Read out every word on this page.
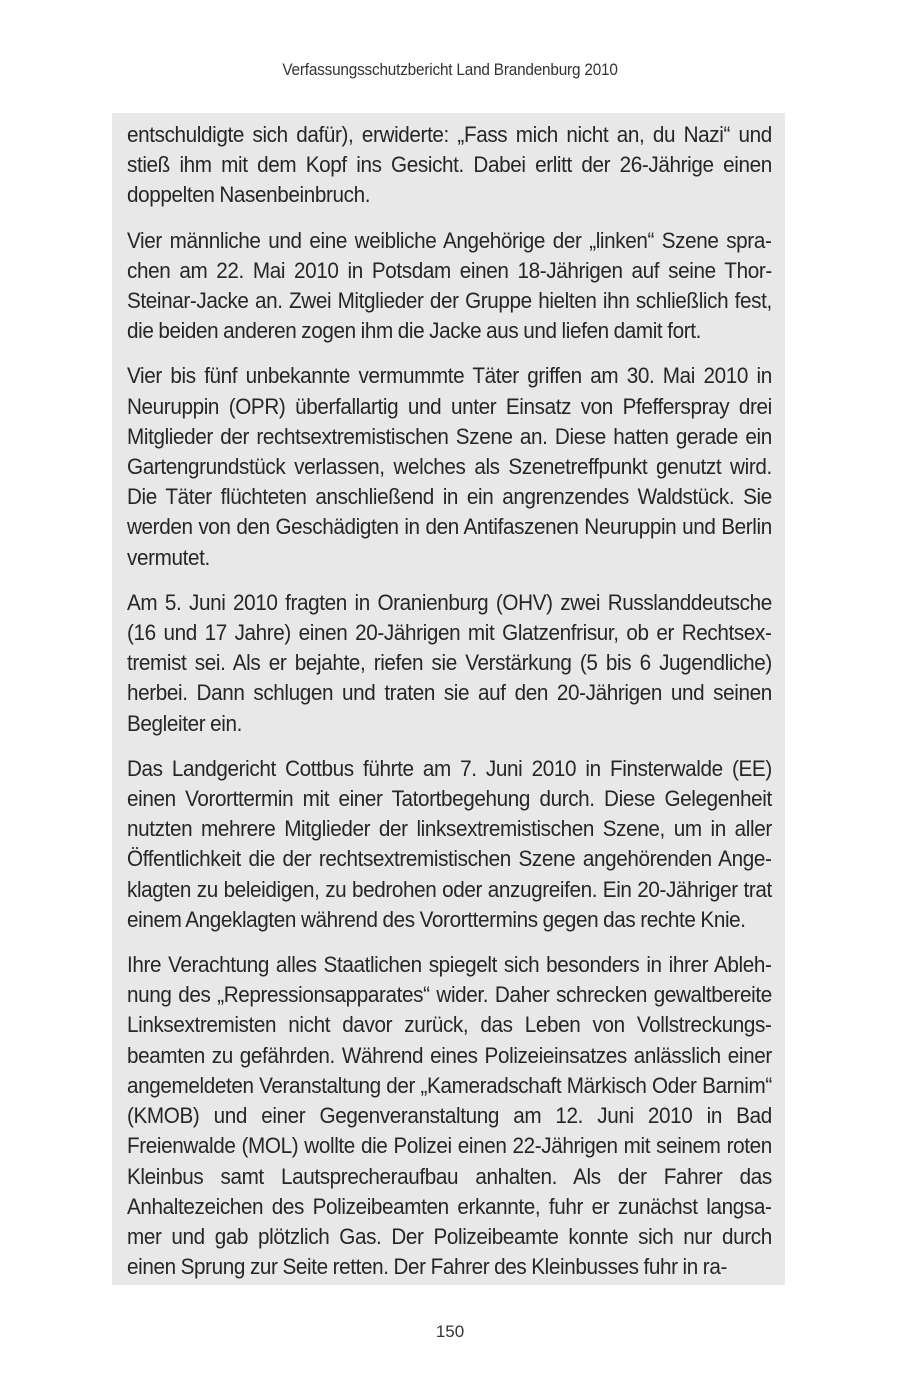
Verfassungsschutzbericht Land Brandenburg 2010

entschuldigte sich dafür), erwiderte: „Fass mich nicht an, du Nazi“ und stieß ihm mit dem Kopf ins Gesicht. Dabei erlitt der 26-Jährige einen doppelten Nasenbeinbruch.

Vier männliche und eine weibliche Angehörige der „linken“ Szene sprachen am 22. Mai 2010 in Potsdam einen 18-Jährigen auf seine Thor-Steinar-Jacke an. Zwei Mitglieder der Gruppe hielten ihn schließlich fest, die beiden anderen zogen ihm die Jacke aus und liefen damit fort.

Vier bis fünf unbekannte vermummte Täter griffen am 30. Mai 2010 in Neuruppin (OPR) überfallartig und unter Einsatz von Pfefferspray drei Mitglieder der rechtsextremistischen Szene an. Diese hatten gerade ein Gartengrundstück verlassen, welches als Szenetreffpunkt genutzt wird. Die Täter flüchteten anschließend in ein angrenzendes Waldstück. Sie werden von den Geschädigten in den Antifaszenen Neuruppin und Berlin vermutet.

Am 5. Juni 2010 fragten in Oranienburg (OHV) zwei Russlanddeutsche (16 und 17 Jahre) einen 20-Jährigen mit Glatzenfrisur, ob er Rechtsextremist sei. Als er bejahte, riefen sie Verstärkung (5 bis 6 Jugendliche) herbei. Dann schlugen und traten sie auf den 20-Jährigen und seinen Begleiter ein.

Das Landgericht Cottbus führte am 7. Juni 2010 in Finsterwalde (EE) einen Vororttermin mit einer Tatortbegehung durch. Diese Gelegenheit nutzten mehrere Mitglieder der linksextremistischen Szene, um in aller Öffentlichkeit die der rechtsextremistischen Szene angehörenden Angeklagten zu beleidigen, zu bedrohen oder anzugreifen. Ein 20-Jähriger trat einem Angeklagten während des Vororttermins gegen das rechte Knie.

Ihre Verachtung alles Staatlichen spiegelt sich besonders in ihrer Ablehnung des „Repressionsapparates“ wider. Daher schrecken gewaltbereite Linksextremisten nicht davor zurück, das Leben von Vollstreckungsbeamten zu gefährden. Während eines Polizeieinsatzes anlässlich einer angemeldeten Veranstaltung der „Kameradschaft Märkisch Oder Barnim“ (KMOB) und einer Gegenveranstaltung am 12. Juni 2010 in Bad Freienwalde (MOL) wollte die Polizei einen 22-Jährigen mit seinem roten Kleinbus samt Lautsprecheraufbau anhalten. Als der Fahrer das Anhaltezeichen des Polizeibeamten erkannte, fuhr er zunächst langsamer und gab plötzlich Gas. Der Polizeibeamte konnte sich nur durch einen Sprung zur Seite retten. Der Fahrer des Kleinbusses fuhr in ra-

150
